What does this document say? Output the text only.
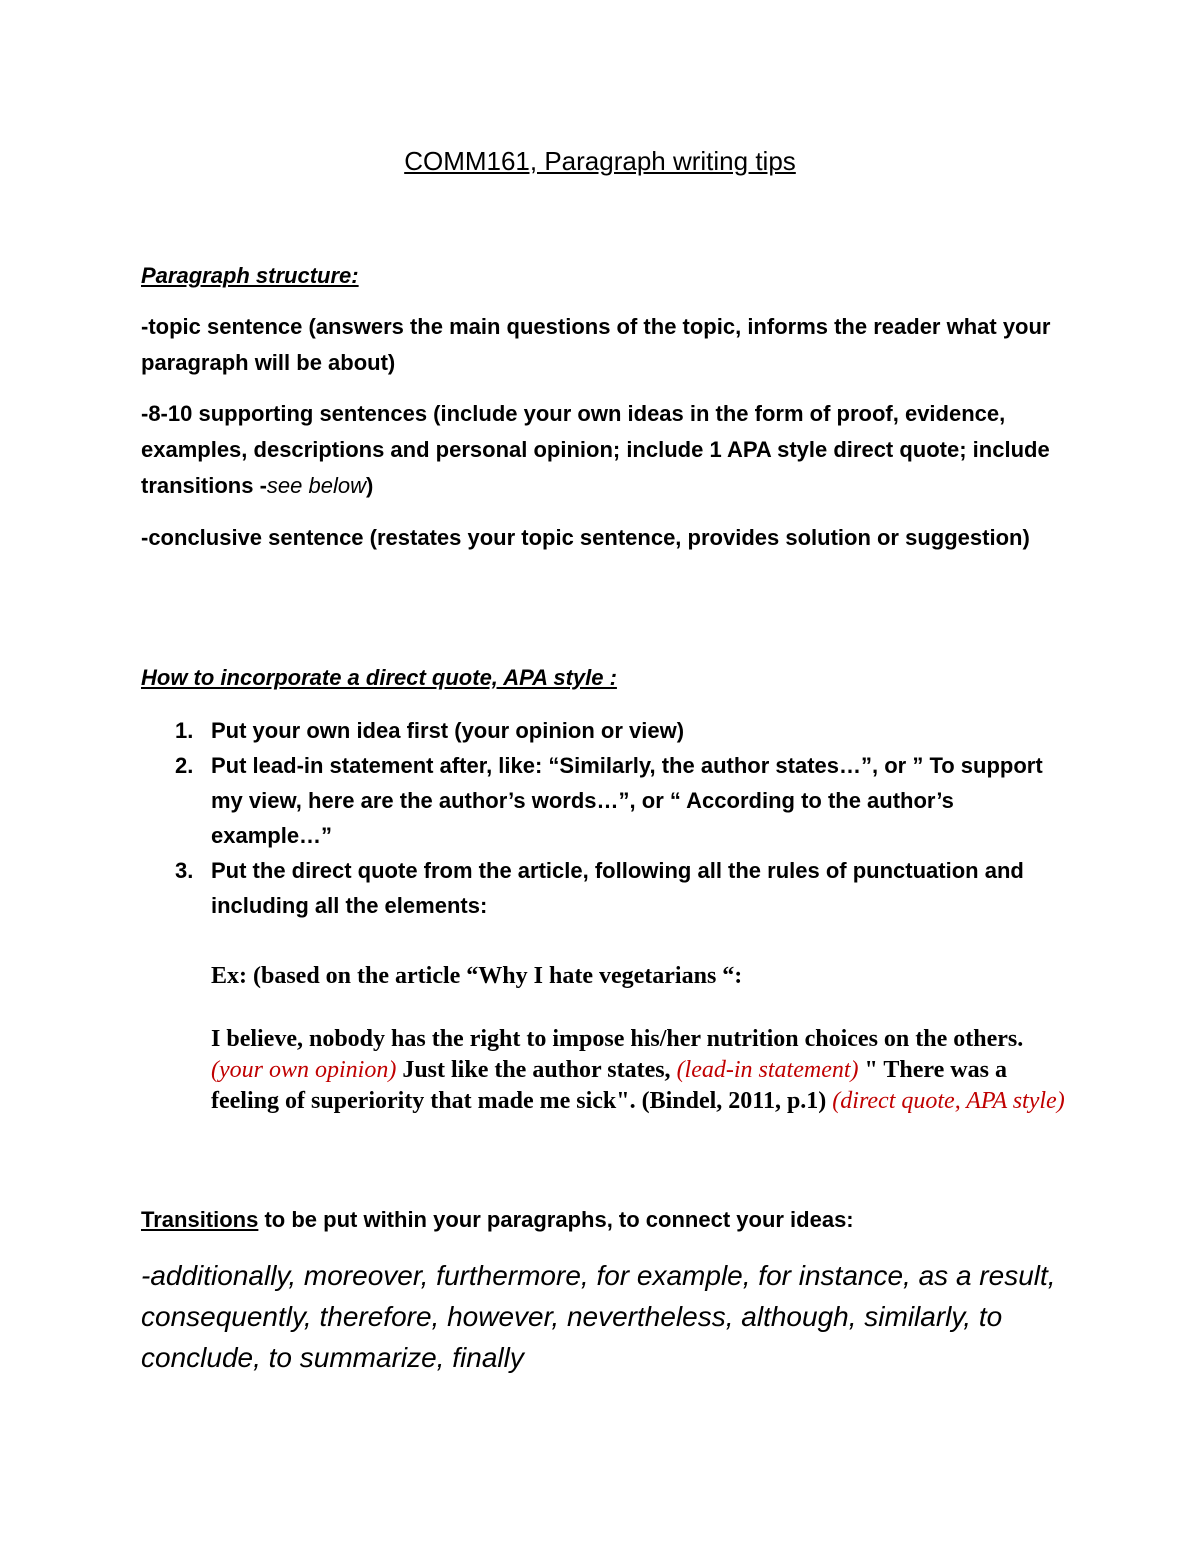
COMM161, Paragraph writing tips
Paragraph structure:
-topic sentence (answers the main questions of the topic, informs the reader what your paragraph will be about)
-8-10 supporting sentences (include your own ideas in the form of proof, evidence, examples, descriptions and personal opinion; include 1 APA style direct quote; include transitions -see below)
-conclusive sentence (restates your topic sentence, provides solution or suggestion)
How to incorporate a direct quote, APA style :
1. Put your own idea first (your opinion or view)
2. Put lead-in statement after, like: “Similarly, the author states…”, or ” To support my view, here are the author’s words…”, or “ According to the author’s example…”
3. Put the direct quote from the article, following all the rules of punctuation and including all the elements:
Ex: (based on the article “Why I hate vegetarians “:
I believe, nobody has the right to impose his/her nutrition choices on the others. (your own opinion) Just like the author states, (lead-in statement) " There was a feeling of superiority that made me sick". (Bindel, 2011, p.1) (direct quote, APA style)
Transitions to be put within your paragraphs, to connect your ideas:
-additionally, moreover, furthermore, for example, for instance, as a result, consequently, therefore, however, nevertheless, although, similarly, to conclude, to summarize, finally
